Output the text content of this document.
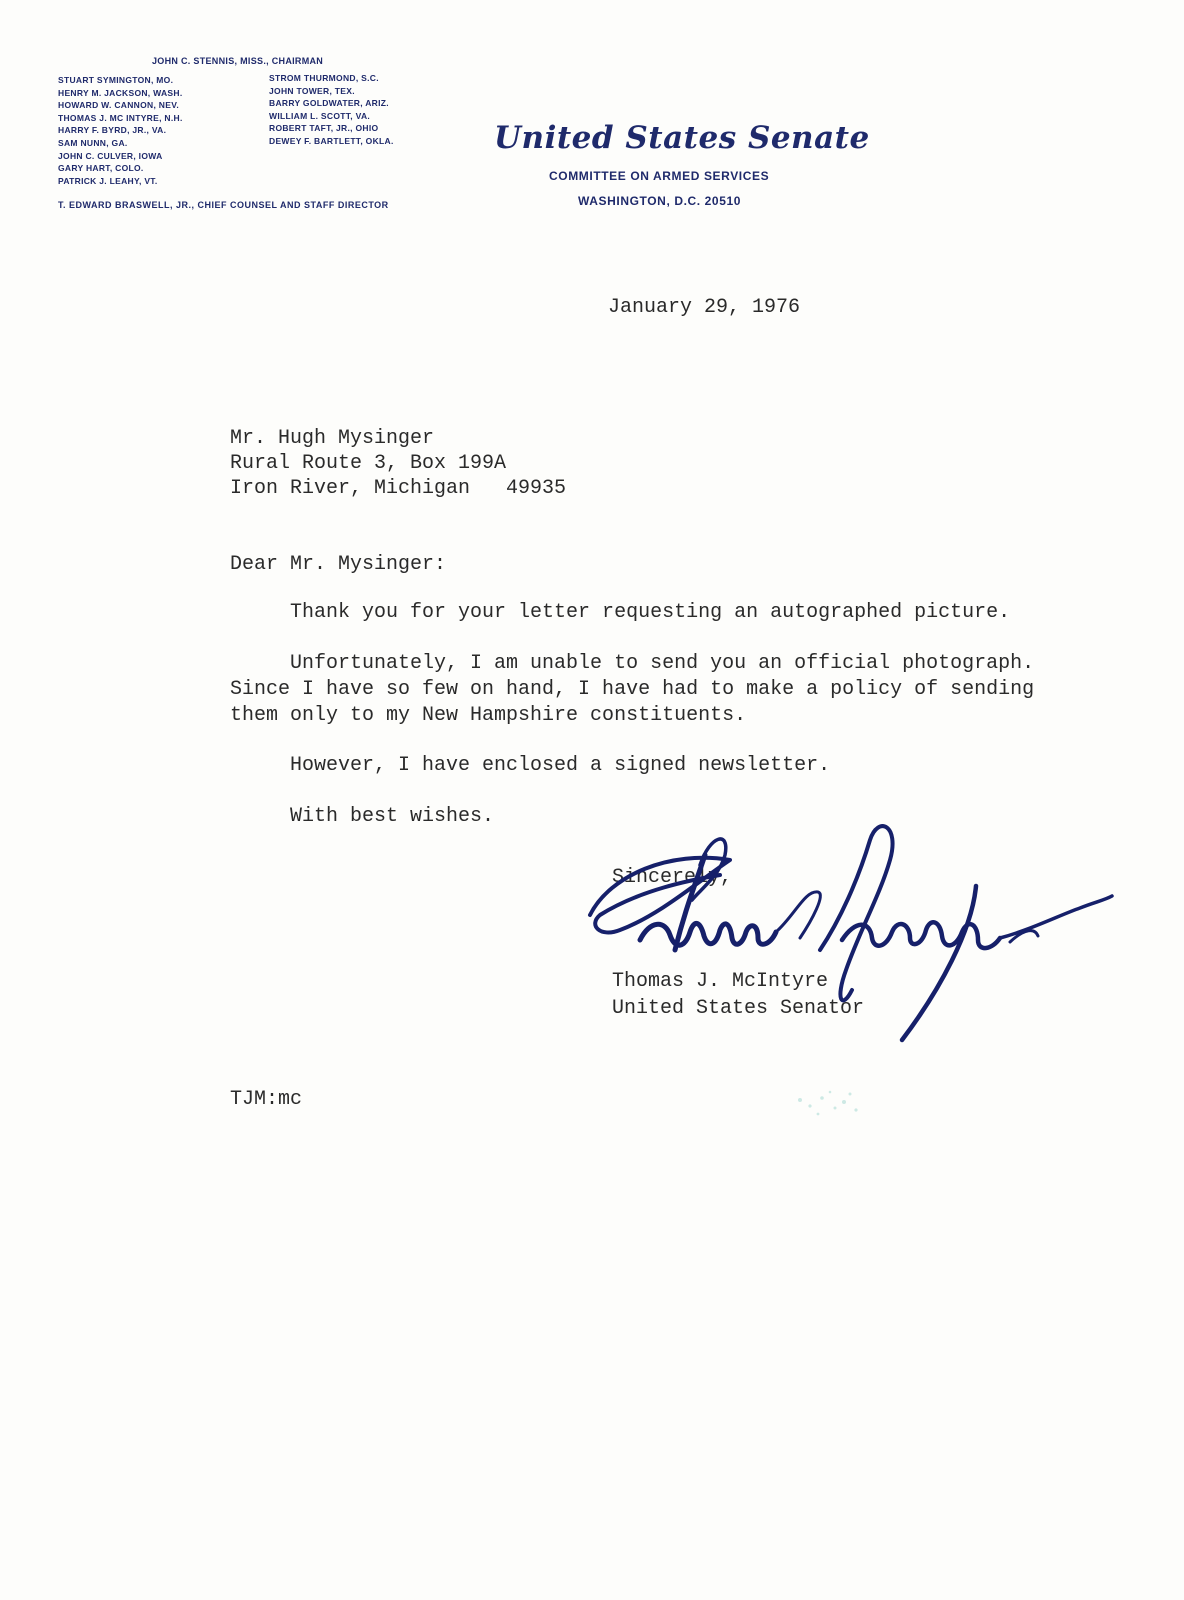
JOHN C. STENNIS, MISS., CHAIRMAN
STUART SYMINGTON, MO.
HENRY M. JACKSON, WASH.
HOWARD W. CANNON, NEV.
THOMAS J. MC INTYRE, N.H.
HARRY F. BYRD, JR., VA.
SAM NUNN, GA.
JOHN C. CULVER, IOWA
GARY HART, COLO.
PATRICK J. LEAHY, VT.
STROM THURMOND, S.C.
JOHN TOWER, TEX.
BARRY GOLDWATER, ARIZ.
WILLIAM L. SCOTT, VA.
ROBERT TAFT, JR., OHIO
DEWEY F. BARTLETT, OKLA.
T. EDWARD BRASWELL, JR., CHIEF COUNSEL AND STAFF DIRECTOR
United States Senate
COMMITTEE ON ARMED SERVICES
WASHINGTON, D.C. 20510
January 29, 1976
Mr. Hugh Mysinger
Rural Route 3, Box 199A
Iron River, Michigan   49935
Dear Mr. Mysinger:
Thank you for your letter requesting an autographed picture.
Unfortunately, I am unable to send you an official photograph.
Since I have so few on hand, I have had to make a policy of sending
them only to my New Hampshire constituents.
However, I have enclosed a signed newsletter.
With best wishes.
Sincerely,
Thomas J. McIntyre
United States Senator
TJM:mc
